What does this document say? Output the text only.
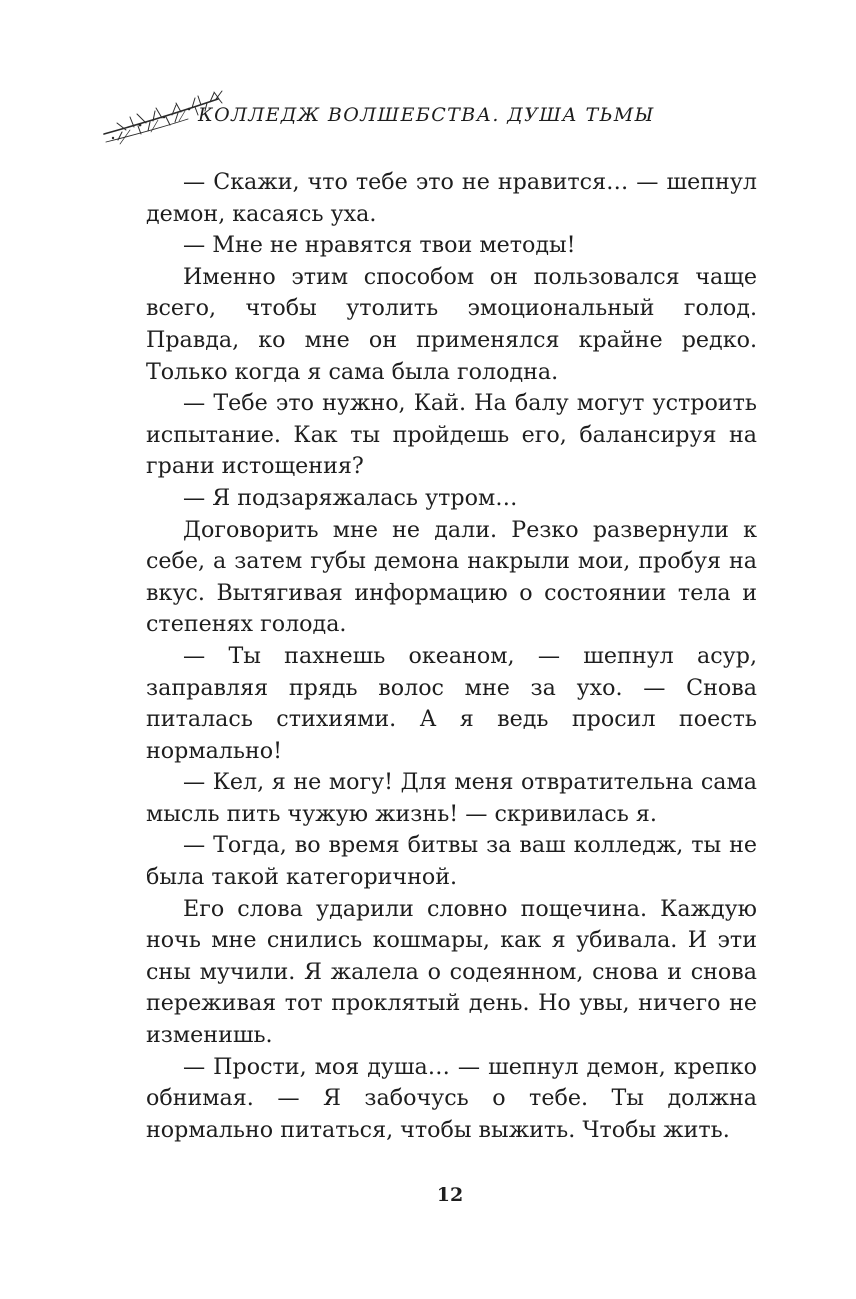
КОЛЛЕДЖ ВОЛШЕБСТВА. ДУША ТЬМЫ

— Скажи, что тебе это не нравится… — шепнул демон, касаясь уха.

— Мне не нравятся твои методы!

Именно этим способом он пользовался чаще всего, чтобы утолить эмоциональный голод. Правда, ко мне он применялся крайне редко. Только когда я сама была голодна.

— Тебе это нужно, Кай. На балу могут устроить испытание. Как ты пройдешь его, балансируя на грани истощения?

— Я подзаряжалась утром…

Договорить мне не дали. Резко развернули к себе, а затем губы демона накрыли мои, пробуя на вкус. Вытягивая информацию о состоянии тела и степенях голода.

— Ты пахнешь океаном, — шепнул асур, заправляя прядь волос мне за ухо. — Снова питалась стихиями. А я ведь просил поесть нормально!

— Кел, я не могу! Для меня отвратительна сама мысль пить чужую жизнь! — скривилась я.

— Тогда, во время битвы за ваш колледж, ты не была такой категоричной.

Его слова ударили словно пощечина. Каждую ночь мне снились кошмары, как я убивала. И эти сны мучили. Я жалела о содеянном, снова и снова переживая тот проклятый день. Но увы, ничего не изменишь.

— Прости, моя душа… — шепнул демон, крепко обнимая. — Я забочусь о тебе. Ты должна нормально питаться, чтобы выжить. Чтобы жить.

12
